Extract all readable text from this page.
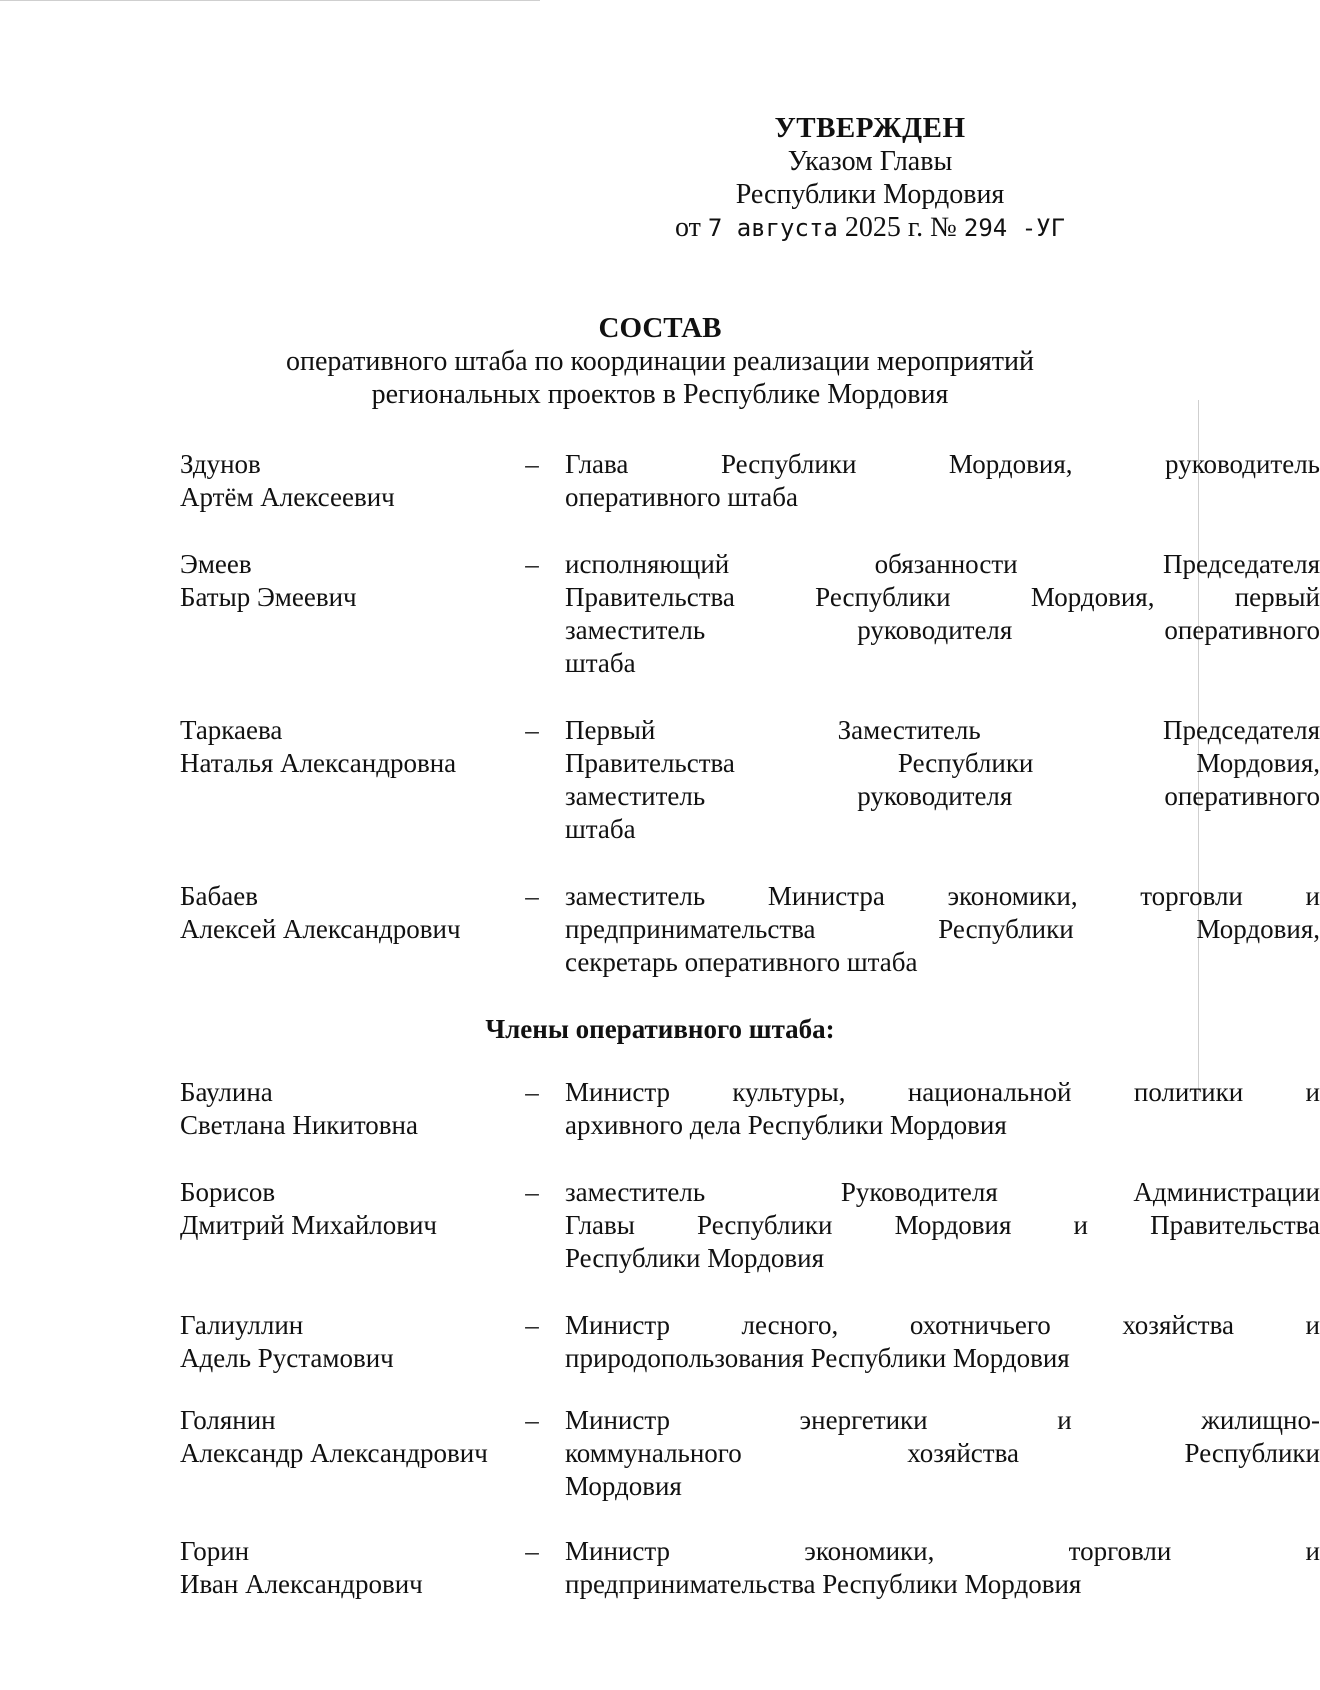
УТВЕРЖДЕН
Указом Главы
Республики Мордовия
от 7 августа 2025 г. № 294 -УГ
СОСТАВ
оперативного штаба по координации реализации мероприятий
региональных проектов в Республике Мордовия
Здунов
Артём Алексеевич
– Глава Республики Мордовия, руководитель
оперативного штаба
Эмеев
Батыр Эмеевич
– исполняющий обязанности Председателя
Правительства Республики Мордовия, первый
заместитель руководителя оперативного
штаба
Таркаева
Наталья Александровна
– Первый Заместитель Председателя
Правительства Республики Мордовия,
заместитель руководителя оперативного
штаба
Бабаев
Алексей Александрович
– заместитель Министра экономики, торговли и
предпринимательства Республики Мордовия,
секретарь оперативного штаба
Члены оперативного штаба:
Баулина
Светлана Никитовна
– Министр культуры, национальной политики и
архивного дела Республики Мордовия
Борисов
Дмитрий Михайлович
– заместитель Руководителя Администрации
Главы Республики Мордовия и Правительства
Республики Мордовия
Галиуллин
Адель Рустамович
– Министр лесного, охотничьего хозяйства и
природопользования Республики Мордовия
Голянин
Александр Александрович
– Министр энергетики и жилищно-
коммунального хозяйства Республики
Мордовия
Горин
Иван Александрович
– Министр экономики, торговли и
предпринимательства Республики Мордовия
